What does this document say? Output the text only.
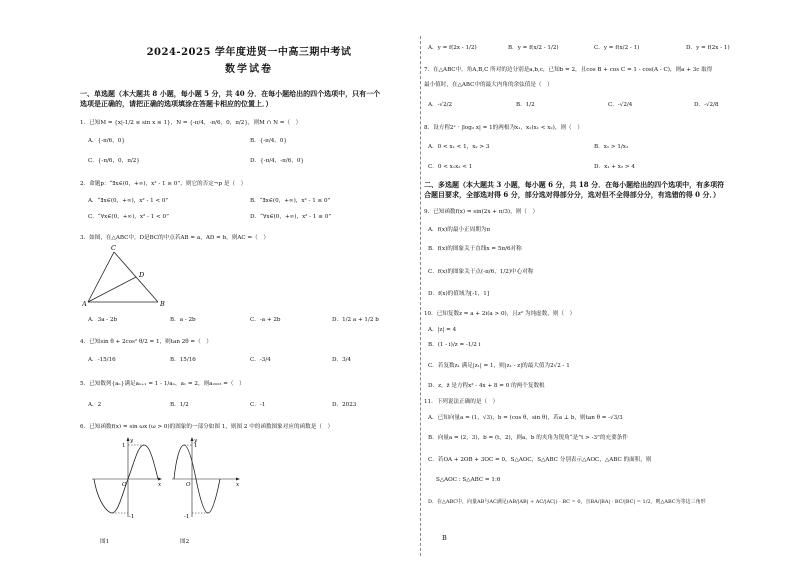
2024-2025 学年度进贤一中高三期中考试
数学试卷
一、单选题（本大题共 8 小题，每小题 5 分，共 40 分．在每小题给出的四个选项中，只有一个
选项是正确的，请把正确的选项填涂在答题卡相应的位置上．）
1．已知M = {x|-1/2 ≤ sin x ≤ 1}，N = {-π/4，-π/6，0，π/2}，则M ∩ N =（　）
A．{-π/6，0}	B．{-π/4，0}
C．{-π/6，0，π/2}	D．{-π/4，-π/6，0}
2．命题p：“∃x∈(0，+∞)，x² - 1 ≥ 0”，则它的否定¬p 是（　）
A．“∃x∈(0，+∞)，x² - 1 < 0”	B．“∃x∈(0，+∞)，x² - 1 ≤ 0”
C．“∀x∈(0，+∞)，x² - 1 < 0”	D．“∀x∈(0，+∞)，x² - 1 ≤ 0”
3．如图，在△ABC中，D是BC的中点若AB = a，AD = b，则AC =（　）
A	B
C
D
A．3a - 2b	B．a - 2b	C．-a + 2b	D．1/2 a + 1/2 b
4．已知sin θ + 2cos² θ/2 = 1，则tan 2θ =（　）
A．-15/16	B．15/16	C．-3/4	D．3/4
5．已知数列{aₙ}满足aₙ₊₁ = 1 - 1/aₙ，a₁ = 2，则a₂₀₂₃ =（　）
A．2	B．1/2	C．-1	D．2023
6．已知函数f(x) = sin ωx (ω > 0)的图象的一部分如图 1，则图 2 中的函数图象对应的函数是（　）
y
x
1
-1
O
y
x
1
-1
O
图1	图2
A．y = f(2x - 1/2)	B．y = f(x/2 - 1/2)	C．y = f(x/2 - 1)	D．y = f(2x - 1)
7．在△ABC中，角A,B,C 所对的边分别是a,b,c，已知b = 2，且cos B + cos C = 1 - cos(A - C)，则a + 3c 取得
最小值时，在△ABC中的最大内角的余弦值是（　）
A．-√2/2	B．1/2	C．-√2/4	D．-√2/8
8．设方程2ˣ · |log₂ x| = 1的两根为x₁，x₂(x₁ < x₂)，则（　）
A．0 < x₁ < 1，x₂ > 3	B．x₁ > 1/x₂
C．0 < x₁x₂ < 1	D．x₁ + x₂ > 4
二、多选题（本大题共 3 小题，每小题 6 分，共 18 分．在每小题给出的四个选项中，有多项符
合题目要求，全部选对得 6 分，部分选对得部分分，选对但不全得部分分，有选错的得 0 分．）
9．已知函数f(x) = sin(2x + π/3)，则（　）
A．f(x)的最小正周期为π
B．f(x)的图象关于直线x = 5π/6对称
C．f(x)的图象关于点(-π/6，1/2)中心对称
D．f(x)的值域为[-1，1]
10．已知复数z = a + 2i(a > 0)，且z² 为纯虚数，则（　）
A．|z| = 4
B．(1 - i)/z = -1/2 i
C．若复数z₁ 满足|z₁| = 1，则|z₁ - z|的最大值为2√2 - 1
D．z，z̄ 是方程x² - 4x + 8 = 0 的两个复数根
11．下列说法正确的是（　）
A．已知向量a = (1，√3)，b = (cos θ，sin θ)，若a ⊥ b，则tan θ = -√3/3
B．向量a = (2，3)，b = (t，2)，则a，b 的夹角为锐角“是”t > -3”的充要条件
C．若OA + 2OB + 3OC = 0，S△AOC，S△ABC 分别表示△AOC，△ABC 的面积，则
S△AOC : S△ABC = 1:6
D．在△ABC中，向量AB与AC满足(AB/|AB| + AC/|AC|) · BC = 0，且BA/|BA| · BC/|BC| = 1/2，则△ABC为等边三角形
B
